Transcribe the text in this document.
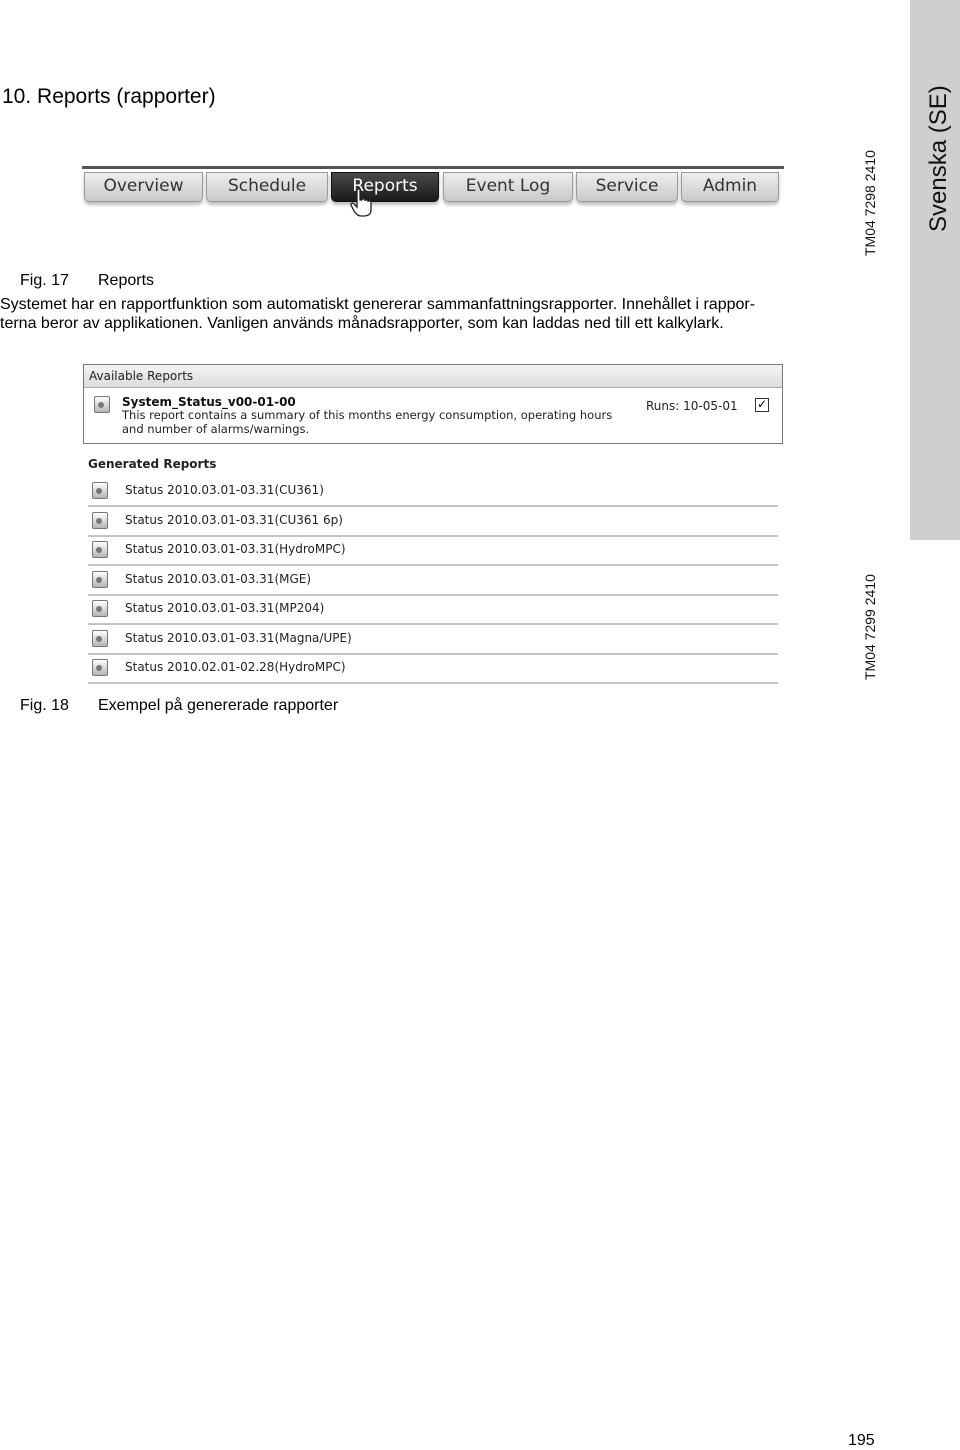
Svenska (SE)
10. Reports (rapporter)
Overview	Schedule	Reports	Event Log	Service	Admin	TM04 7298 2410
Fig. 17 Reports

Systemet har en rapportfunktion som automatiskt genererar sammanfattningsrapporter. Innehållet i rappor-

terna beror av applikationen. Vanligen används månadsrapporter, som kan laddas ned till ett kalkylark.

Available Reports
System_Status_v00-01-00
This report contains a summary of this months energy consumption, operating hours and number of alarms/warnings.
Runs: 10-05-01 ✓
Generated Reports
Status 2010.03.01-03.31(CU361)
Status 2010.03.01-03.31(CU361 6p)
Status 2010.03.01-03.31(HydroMPC)
Status 2010.03.01-03.31(MGE)
Status 2010.03.01-03.31(MP204)
Status 2010.03.01-03.31(Magna/UPE)
Status 2010.02.01-02.28(HydroMPC)	TM04 7299 2410
Fig. 18 Exempel på genererade rapporter
195
